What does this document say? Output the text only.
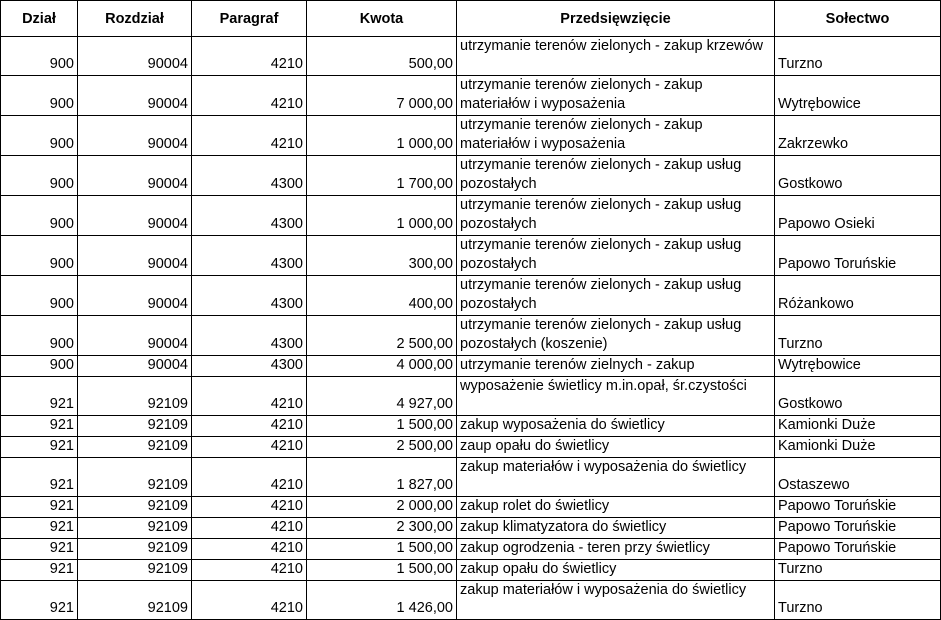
Dział	Rozdział	Paragraf	Kwota	Przedsięwzięcie	Sołectwo
900	90004	4210	500,00	utrzymanie terenów zielonych - zakup krzewów	Turzno
900	90004	4210	7 000,00	utrzymanie terenów zielonych - zakup materiałów i wyposażenia	Wytrębowice
900	90004	4210	1 000,00	utrzymanie terenów zielonych - zakup materiałów i wyposażenia	Zakrzewko
900	90004	4300	1 700,00	utrzymanie terenów zielonych - zakup usług pozostałych	Gostkowo
900	90004	4300	1 000,00	utrzymanie terenów zielonych - zakup usług pozostałych	Papowo Osieki
900	90004	4300	300,00	utrzymanie terenów zielonych - zakup usług pozostałych	Papowo Toruńskie
900	90004	4300	400,00	utrzymanie terenów zielonych - zakup usług pozostałych	Różankowo
900	90004	4300	2 500,00	utrzymanie terenów zielonych - zakup usług pozostałych (koszenie)	Turzno
900	90004	4300	4 000,00	utrzymanie terenów zielnych - zakup	Wytrębowice
921	92109	4210	4 927,00	wyposażenie świetlicy m.in.opał, śr.czystości	Gostkowo
921	92109	4210	1 500,00	zakup wyposażenia do świetlicy	Kamionki Duże
921	92109	4210	2 500,00	zaup opału do świetlicy	Kamionki Duże
921	92109	4210	1 827,00	zakup materiałów i wyposażenia do świetlicy	Ostaszewo
921	92109	4210	2 000,00	zakup rolet do świetlicy	Papowo Toruńskie
921	92109	4210	2 300,00	zakup klimatyzatora do świetlicy	Papowo Toruńskie
921	92109	4210	1 500,00	zakup ogrodzenia - teren przy świetlicy	Papowo Toruńskie
921	92109	4210	1 500,00	zakup opału do świetlicy	Turzno
921	92109	4210	1 426,00	zakup materiałów i wyposażenia do świetlicy	Turzno
